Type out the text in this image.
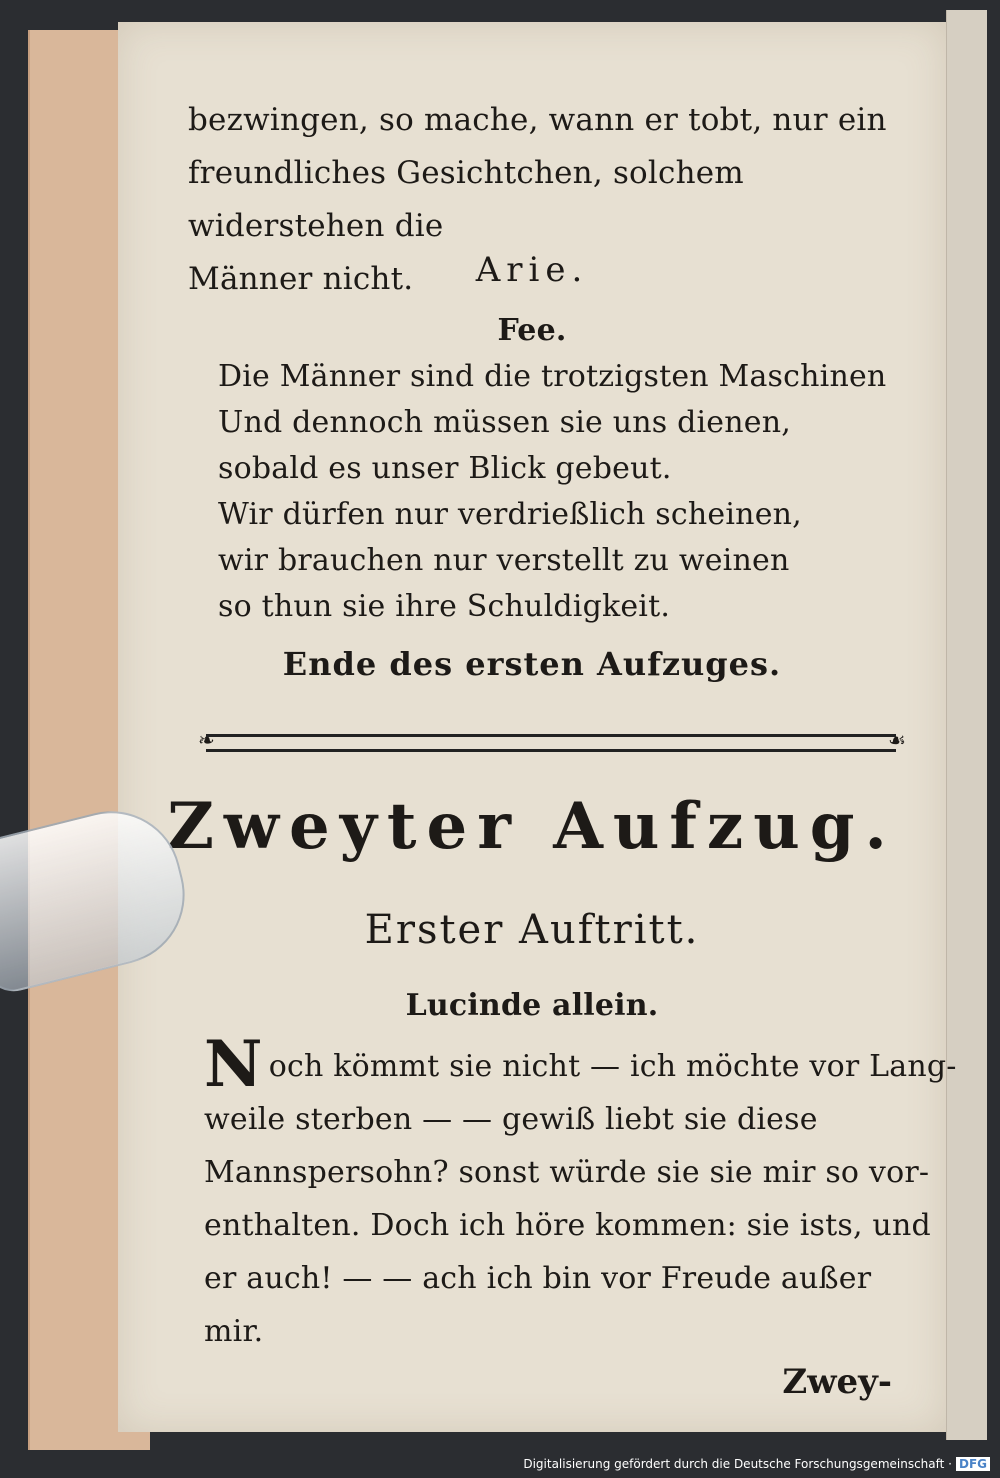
bezwingen, so mache, wann er tobt, nur ein
freundliches Gesichtchen, solchem widerstehen die
Männer nicht.	Arie.
Fee.
Die Männer sind die trotzigsten Maschinen
Und dennoch müssen sie uns dienen,
sobald es unser Blick gebeut.
Wir dürfen nur verdrießlich scheinen,
wir brauchen nur verstellt zu weinen
so thun sie ihre Schuldigkeit.
Ende des ersten Aufzuges.
❧	☙
Zweyter Aufzug.
Erster Auftritt.
Lucinde allein.
N och kömmt sie nicht — ich möchte vor Lang-
weile sterben — — gewiß liebt sie diese
Mannspersohn? sonst würde sie sie mir so vor-
enthalten. Doch ich höre kommen: sie ists, und
er auch! — — ach ich bin vor Freude außer
mir.
Zwey-
Digitalisierung gefördert durch die Deutsche Forschungsgemeinschaft · DFG
